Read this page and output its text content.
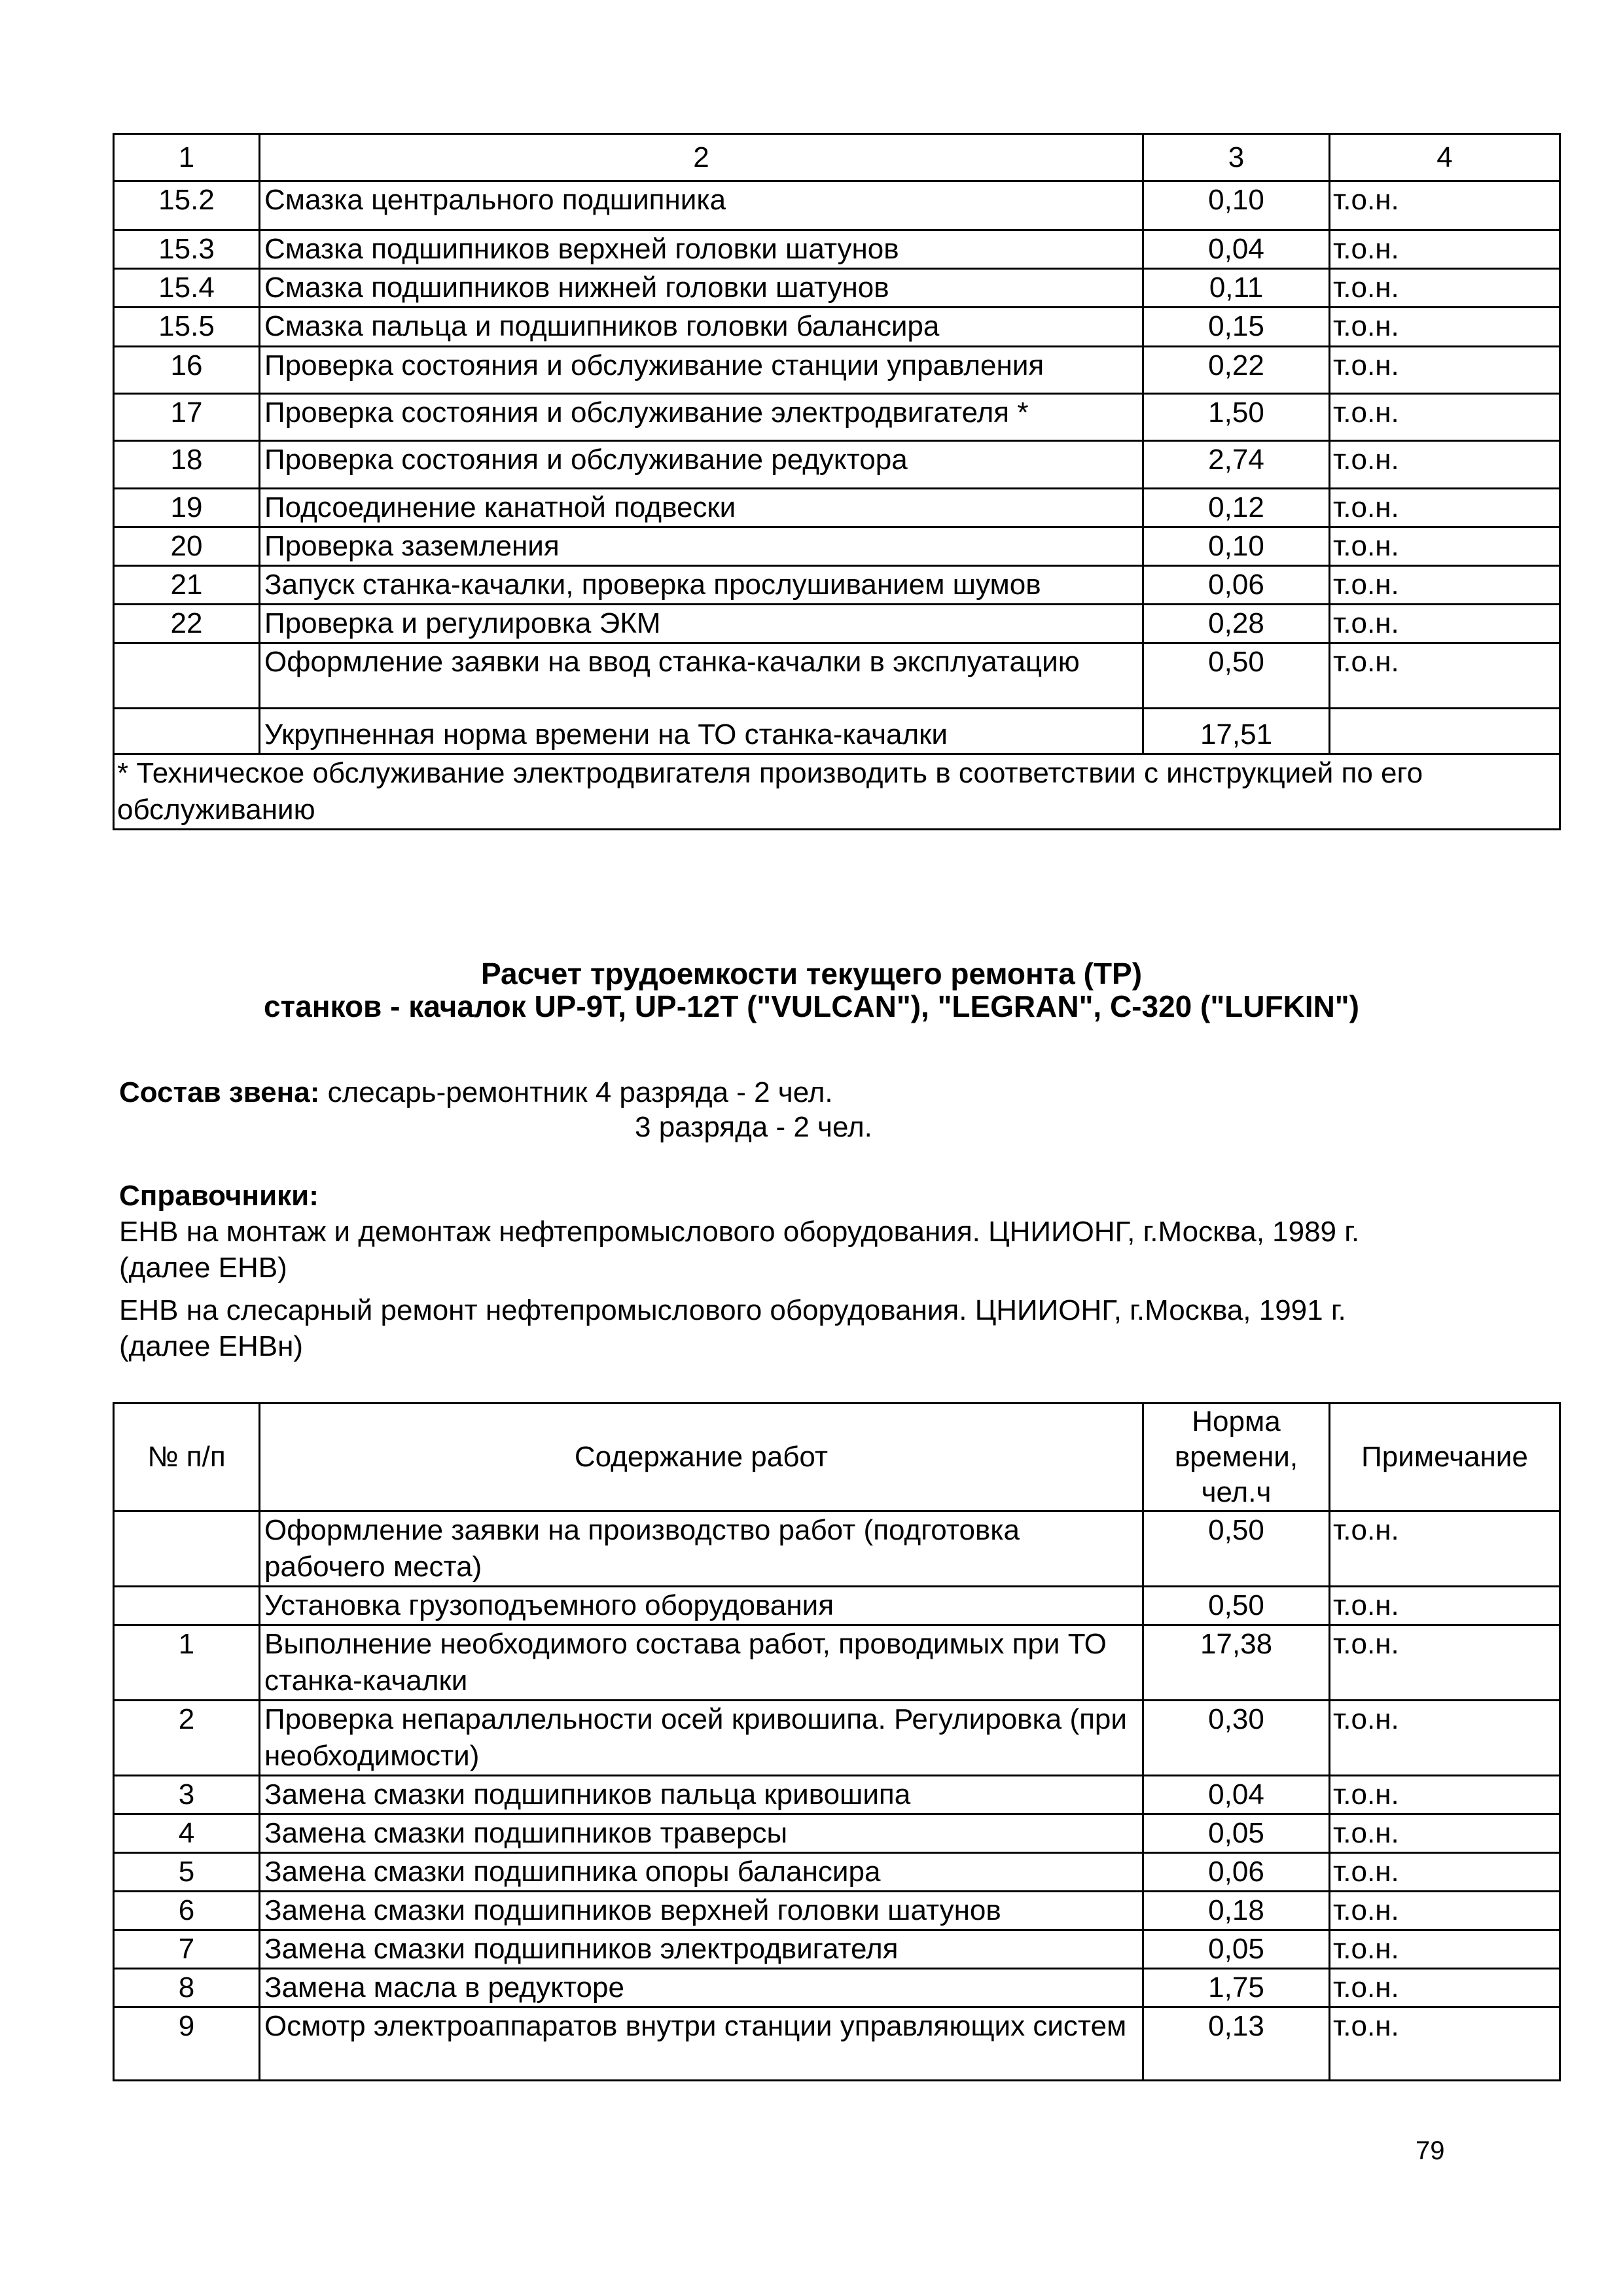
1	2	3	4
15.2	Смазка центрального подшипника	0,10	т.о.н.
15.3	Смазка подшипников верхней головки шатунов	0,04	т.о.н.
15.4	Смазка подшипников нижней головки шатунов	0,11	т.о.н.
15.5	Смазка пальца и подшипников головки балансира	0,15	т.о.н.
16	Проверка состояния и обслуживание станции управления	0,22	т.о.н.
17	Проверка состояния и обслуживание электродвигателя *	1,50	т.о.н.
18	Проверка состояния и обслуживание редуктора	2,74	т.о.н.
19	Подсоединение канатной подвески	0,12	т.о.н.
20	Проверка заземления	0,10	т.о.н.
21	Запуск станка-качалки, проверка прослушиванием шумов	0,06	т.о.н.
22	Проверка и регулировка ЭКМ	0,28	т.о.н.
	Оформление заявки на ввод станка-качалки в эксплуатацию	0,50	т.о.н.
	Укрупненная норма времени на ТО станка-качалки	17,51	
* Техническое обслуживание электродвигателя производить в соответствии с инструкцией по его обслуживанию			
Расчет трудоемкости текущего ремонта (ТР)
станков - качалок UP-9T, UP-12T ("VULCAN"), "LEGRAN", C-320 ("LUFKIN")
Состав звена: слесарь-ремонтник 4 разряда - 2 чел.
3 разряда - 2 чел.
Справочники:
ЕНВ на монтаж и демонтаж нефтепромыслового оборудования. ЦНИИОНГ, г.Москва, 1989 г.
(далее ЕНВ)
ЕНВ на слесарный ремонт нефтепромыслового оборудования. ЦНИИОНГ, г.Москва, 1991 г.
(далее ЕНВн)
№ п/п	Содержание работ	Норма
времени,
чел.ч	Примечание
	Оформление заявки на производство работ (подготовка рабочего места)	0,50	т.о.н.
	Установка грузоподъемного оборудования	0,50	т.о.н.
1	Выполнение необходимого состава работ, проводимых при ТО станка-качалки	17,38	т.о.н.
2	Проверка непараллельности осей кривошипа. Регулировка (при необходимости)	0,30	т.о.н.
3	Замена смазки подшипников пальца кривошипа	0,04	т.о.н.
4	Замена смазки подшипников траверсы	0,05	т.о.н.
5	Замена смазки подшипника опоры балансира	0,06	т.о.н.
6	Замена смазки подшипников верхней головки шатунов	0,18	т.о.н.
7	Замена смазки подшипников электродвигателя	0,05	т.о.н.
8	Замена масла в редукторе	1,75	т.о.н.
9	Осмотр электроаппаратов внутри станции управляющих систем	0,13	т.о.н.
79
